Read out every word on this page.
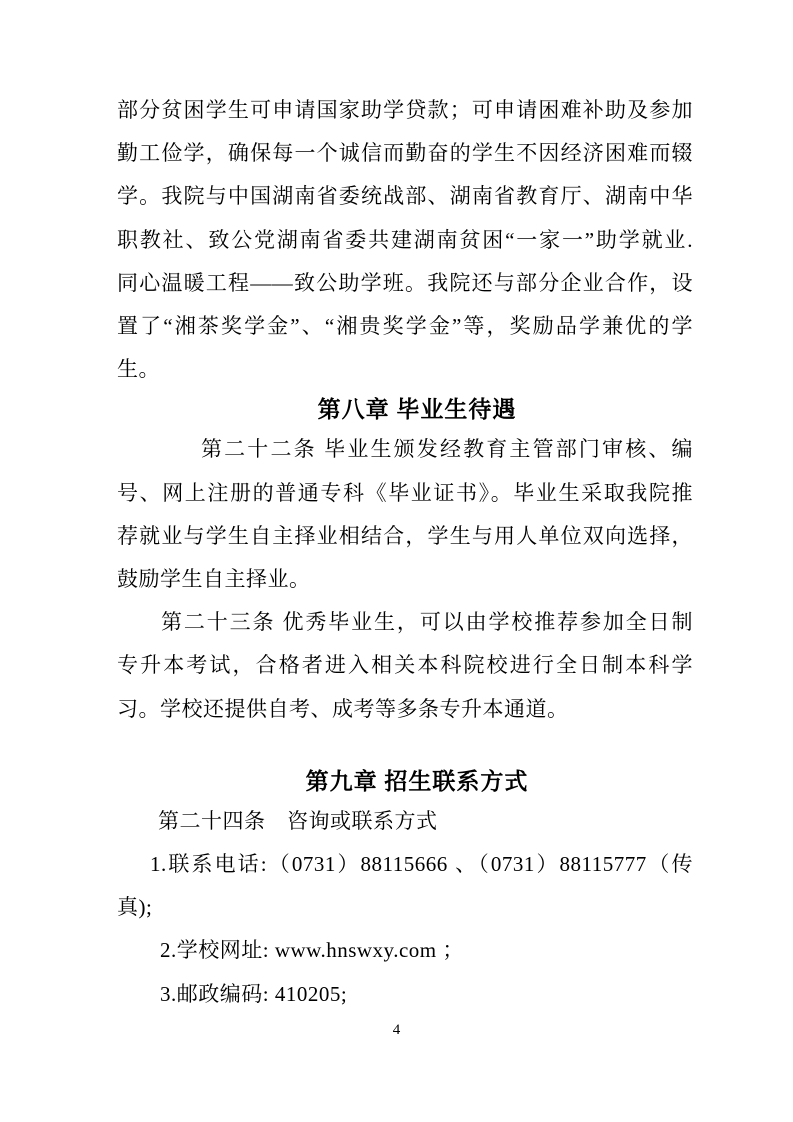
部分贫困学生可申请国家助学贷款；可申请困难补助及参加
勤工俭学，确保每一个诚信而勤奋的学生不因经济困难而辍
学。我院与中国湖南省委统战部、湖南省教育厅、湖南中华
职教社、致公党湖南省委共建湖南贫困“一家一”助学就业.
同心温暖工程——致公助学班。我院还与部分企业合作，设
置了“湘茶奖学金”、“湘贵奖学金”等，奖励品学兼优的学
生。
第八章 毕业生待遇
第二十二条 毕业生颁发经教育主管部门审核、编
号、网上注册的普通专科《毕业证书》。毕业生采取我院推
荐就业与学生自主择业相结合，学生与用人单位双向选择，
鼓励学生自主择业。
第二十三条 优秀毕业生，可以由学校推荐参加全日制
专升本考试，合格者进入相关本科院校进行全日制本科学
习。学校还提供自考、成考等多条专升本通道。
第九章 招生联系方式
第二十四条　咨询或联系方式
1.联系电话:（0731）88115666 、（0731）88115777（传
真);
2.学校网址: www.hnswxy.com ；
3.邮政编码: 410205;
4
